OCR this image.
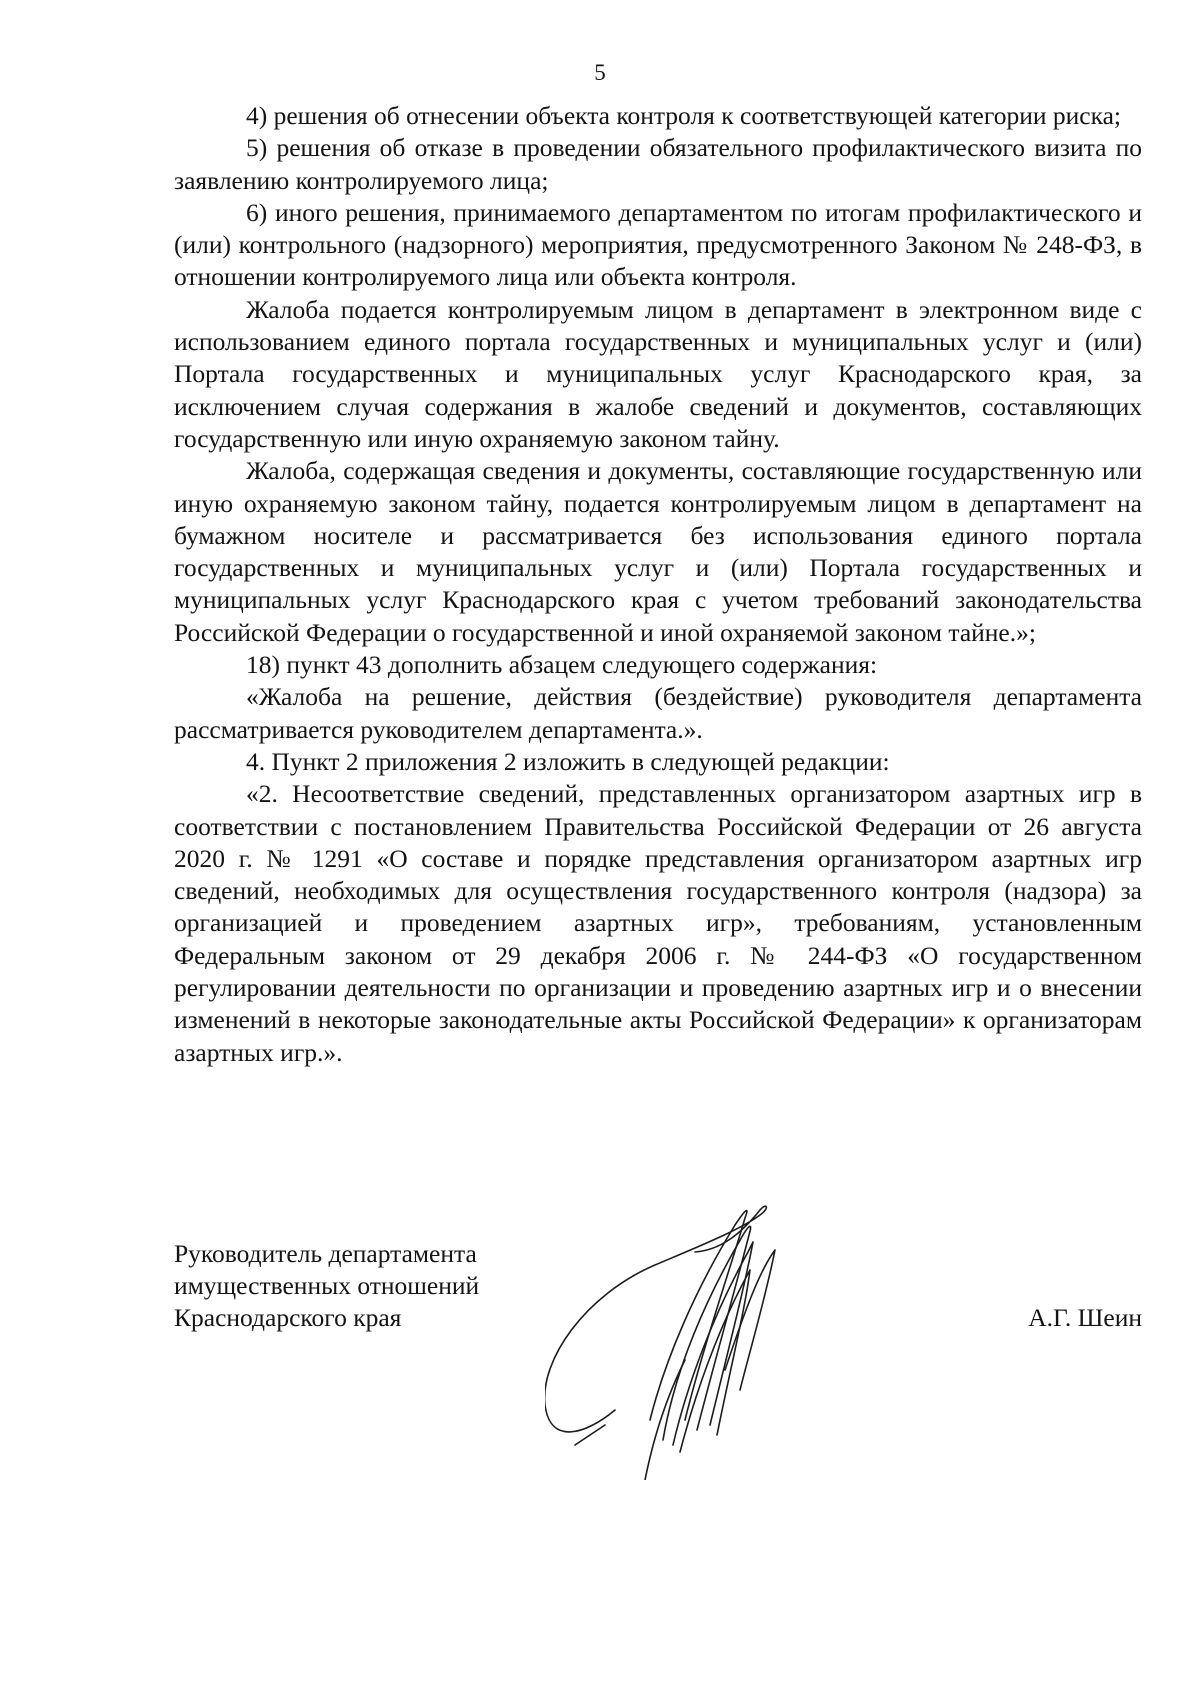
5

4) решения об отнесении объекта контроля к соответствующей категории риска;

5) решения об отказе в проведении обязательного профилактического визита по заявлению контролируемого лица;

6) иного решения, принимаемого департаментом по итогам профилактического и (или) контрольного (надзорного) мероприятия, предусмотренного Законом № 248-ФЗ, в отношении контролируемого лица или объекта контроля.

Жалоба подается контролируемым лицом в департамент в электронном виде с использованием единого портала государственных и муниципальных услуг и (или) Портала государственных и муниципальных услуг Краснодарского края, за исключением случая содержания в жалобе сведений и документов, составляющих государственную или иную охраняемую законом тайну.

Жалоба, содержащая сведения и документы, составляющие государственную или иную охраняемую законом тайну, подается контролируемым лицом в департамент на бумажном носителе и рассматривается без использования единого портала государственных и муниципальных услуг и (или) Портала государственных и муниципальных услуг Краснодарского края с учетом требований законодательства Российской Федерации о государственной и иной охраняемой законом тайне.»;

18) пункт 43 дополнить абзацем следующего содержания:

«Жалоба на решение, действия (бездействие) руководителя департамента рассматривается руководителем департамента.».

4. Пункт 2 приложения 2 изложить в следующей редакции:

«2. Несоответствие сведений, представленных организатором азартных игр в соответствии с постановлением Правительства Российской Федерации от 26 августа 2020 г. № 1291 «О составе и порядке представления организатором азартных игр сведений, необходимых для осуществления государственного контроля (надзора) за организацией и проведением азартных игр», требованиям, установленным Федеральным законом от 29 декабря 2006 г. № 244-ФЗ «О государственном регулировании деятельности по организации и проведению азартных игр и о внесении изменений в некоторые законодательные акты Российской Федерации» к организаторам азартных игр.».

Руководитель департамента
имущественных отношений
Краснодарского края	А.Г. Шеин
